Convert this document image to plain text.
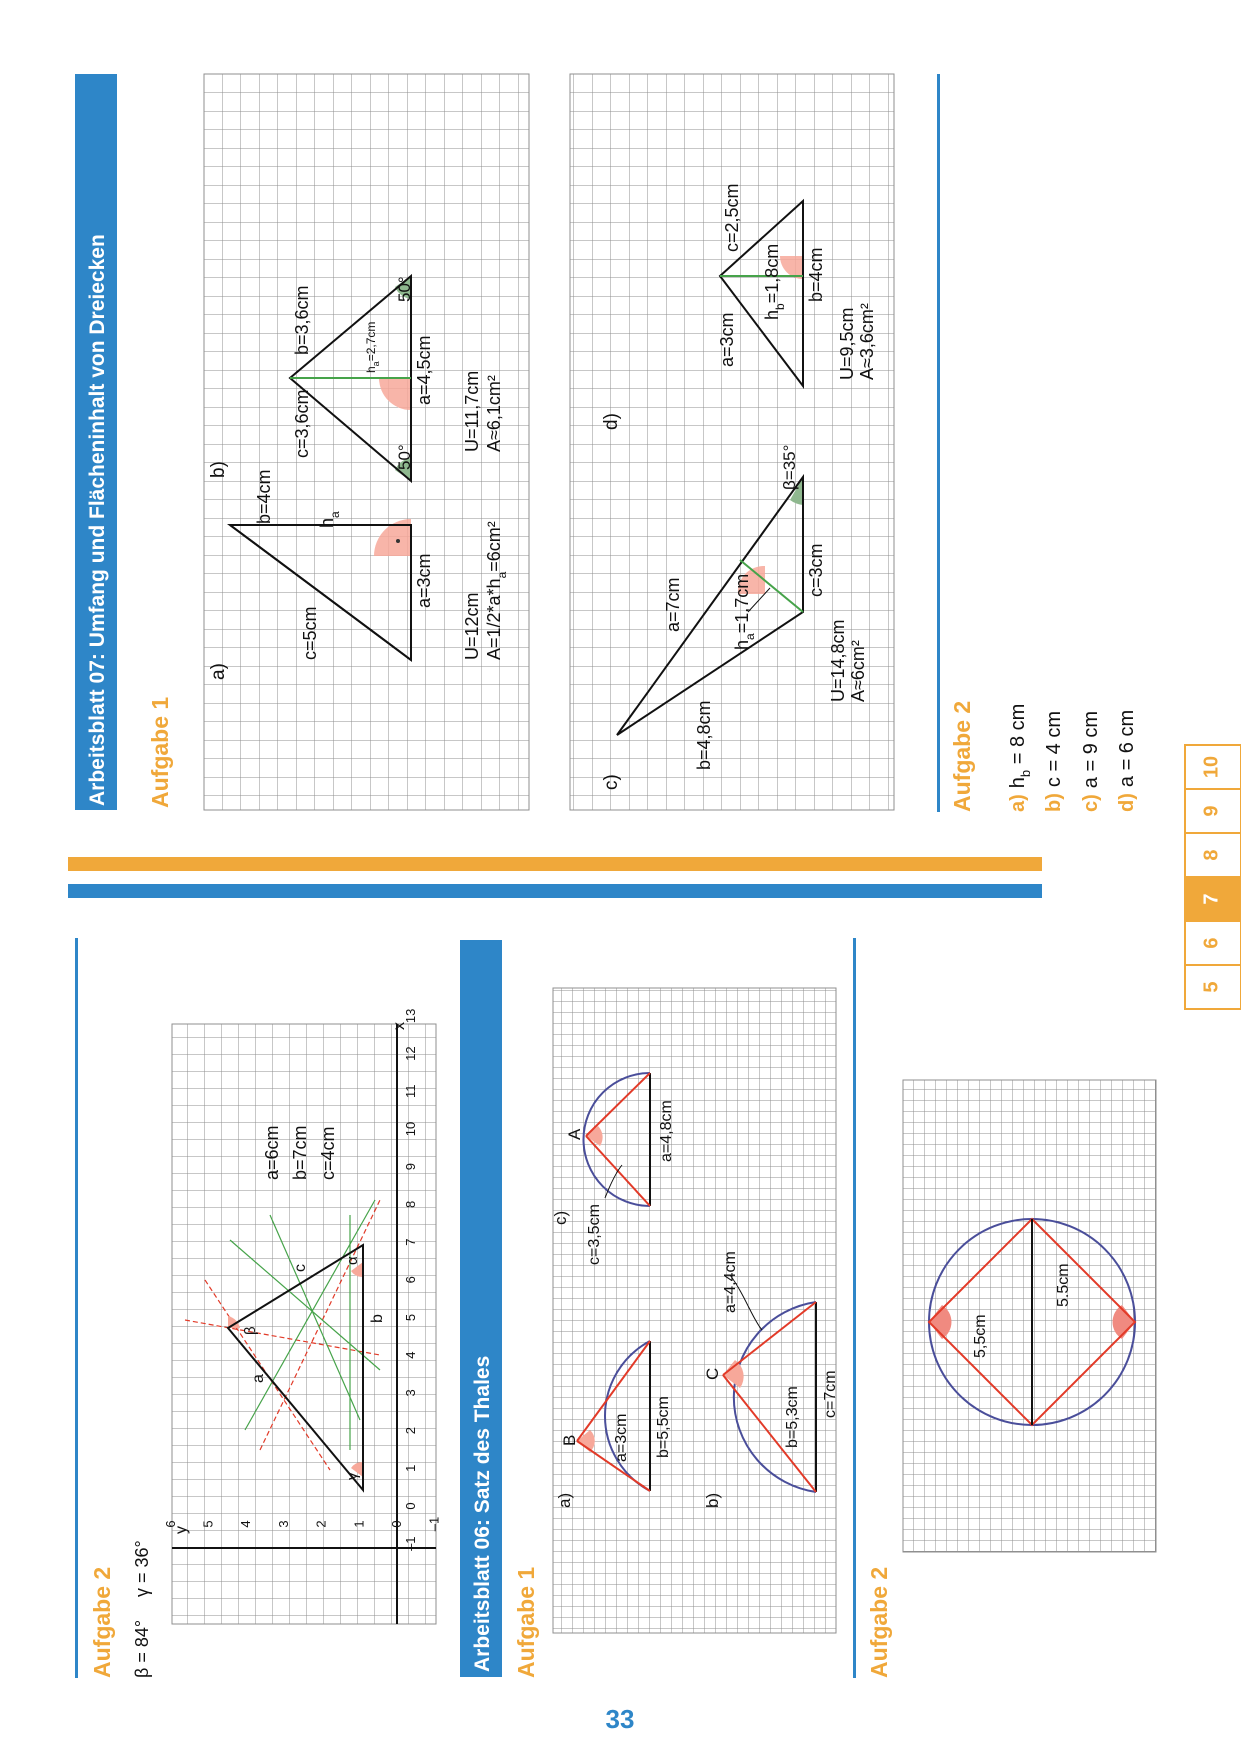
10
9
8
7
6
5
33
Arbeitsblatt 07: Umfang und Flächeninhalt von Dreiecken Aufgabe 1
a)
c=5cm
b=4cm
a=3cm
U=12cm $A=1/2*a*h_a=6cm^2$
b)
$h_a$
c=3,6cm
b=3,6cm
$h_a=2,7cm$ a=4,5cm
50°
50°
U=11,7cm A≈6,1cm²
c)
a=7cm
b=4,8cm
c=3cm
$h_a=1,7cm$
β=35°
U=14,8cm A≈6cm²
d)
a=3cm
c=2,5cm
b=4cm
$h_b=1,8cm$
U=9,5cm A≈3,6cm²
Aufgabe 2 $a)h_b = 8$ cm
b)c = 4 cm
c)a = 9 cm
d)a = 6 cm
Aufgabe 2 β = 84°
γ = 36°
y
x
–1
0
1
2
3
4
5
6
7
8
9
10
11
12
13
–1
0
1
2
3
4
5
6
a
b
c
α
β
γ
a=6cm b=7cm c=4cm
Arbeitsblatt 06: Satz des Thales Aufgabe 1
a)	b)
c)
B a=3cm b=5,5cm
C
a=4,4cm
b=5,3cm c=7cm
A	a=4,8cm
c=3,5cm
Aufgabe 2
5,5cm
5.5cm
